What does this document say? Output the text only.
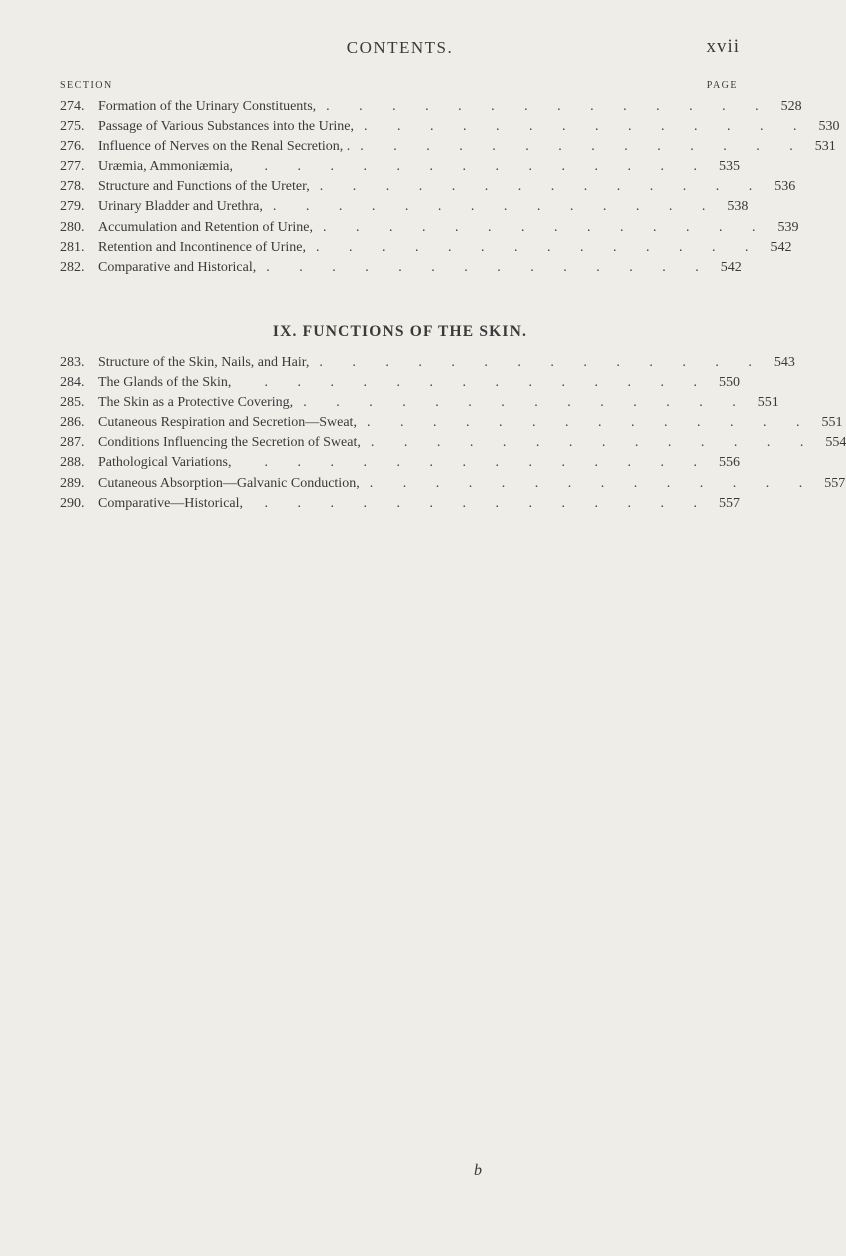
CONTENTS.	xvii
SECTION	PAGE
274. Formation of the Urinary Constituents, . . . . . . . . . . . . . . 528
275. Passage of Various Substances into the Urine, . . . . . . . . . . . . . . 530
276. Influence of Nerves on the Renal Secretion, . . . . . . . . . . . . . . . 531
277. Uræmia, Ammoniæmia,	. . . . . . . . . . . . . . 535
278. Structure and Functions of the Ureter, . . . . . . . . . . . . . . 536
279. Urinary Bladder and Urethra, . . . . . . . . . . . . . . 538
280. Accumulation and Retention of Urine, . . . . . . . . . . . . . . 539
281. Retention and Incontinence of Urine, . . . . . . . . . . . . . . 542
282. Comparative and Historical, . . . . . . . . . . . . . . 542
IX. FUNCTIONS OF THE SKIN.
283. Structure of the Skin, Nails, and Hair, . . . . . . . . . . . . . . 543
284. The Glands of the Skin,	. . . . . . . . . . . . . . 550
285. The Skin as a Protective Covering, . . . . . . . . . . . . . . 551
286. Cutaneous Respiration and Secretion—Sweat, . . . . . . . . . . . . . . 551
287. Conditions Influencing the Secretion of Sweat, . . . . . . . . . . . . . . 554
288. Pathological Variations,	. . . . . . . . . . . . . . 556
289. Cutaneous Absorption—Galvanic Conduction, . . . . . . . . . . . . . . 557
290. Comparative—Historical,	. . . . . . . . . . . . . . 557
b
